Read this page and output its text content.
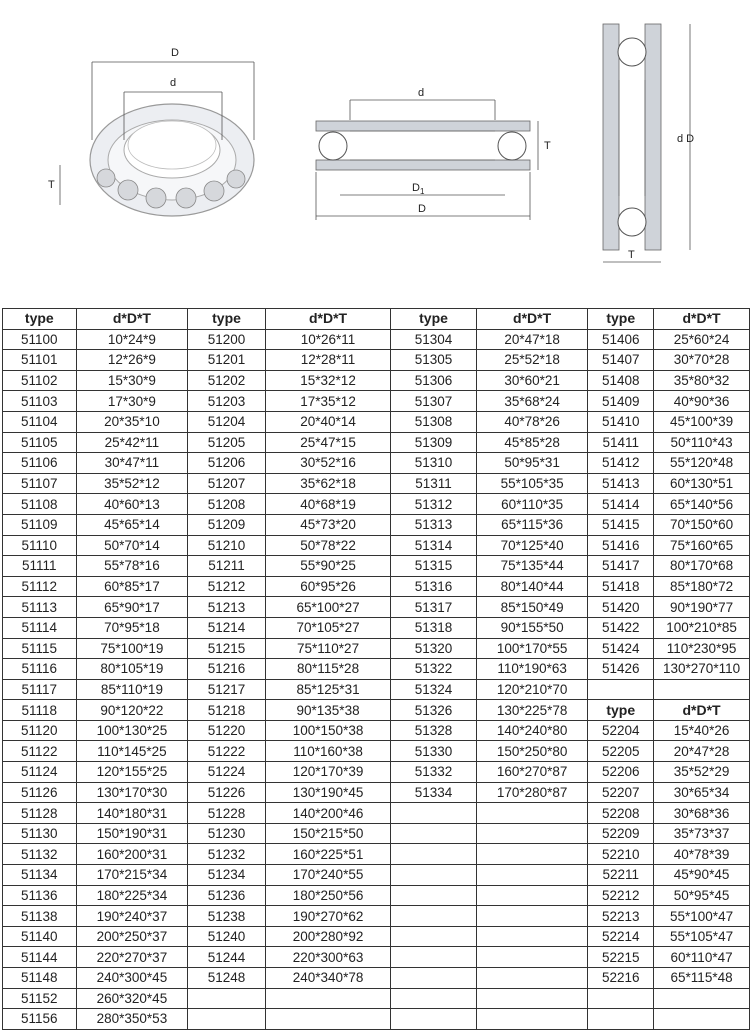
D
d
T
d
T
D 1
D
d D
T
type	d*D*T	type	d*D*T	type	d*D*T	type	d*D*T
51100	10*24*9	51200	10*26*11	51304	20*47*18	51406	25*60*24
51101	12*26*9	51201	12*28*11	51305	25*52*18	51407	30*70*28
51102	15*30*9	51202	15*32*12	51306	30*60*21	51408	35*80*32
51103	17*30*9	51203	17*35*12	51307	35*68*24	51409	40*90*36
51104	20*35*10	51204	20*40*14	51308	40*78*26	51410	45*100*39
51105	25*42*11	51205	25*47*15	51309	45*85*28	51411	50*110*43
51106	30*47*11	51206	30*52*16	51310	50*95*31	51412	55*120*48
51107	35*52*12	51207	35*62*18	51311	55*105*35	51413	60*130*51
51108	40*60*13	51208	40*68*19	51312	60*110*35	51414	65*140*56
51109	45*65*14	51209	45*73*20	51313	65*115*36	51415	70*150*60
51110	50*70*14	51210	50*78*22	51314	70*125*40	51416	75*160*65
51111	55*78*16	51211	55*90*25	51315	75*135*44	51417	80*170*68
51112	60*85*17	51212	60*95*26	51316	80*140*44	51418	85*180*72
51113	65*90*17	51213	65*100*27	51317	85*150*49	51420	90*190*77
51114	70*95*18	51214	70*105*27	51318	90*155*50	51422	100*210*85
51115	75*100*19	51215	75*110*27	51320	100*170*55	51424	110*230*95
51116	80*105*19	51216	80*115*28	51322	110*190*63	51426	130*270*110
51117	85*110*19	51217	85*125*31	51324	120*210*70		
51118	90*120*22	51218	90*135*38	51326	130*225*78	type	d*D*T
51120	100*130*25	51220	100*150*38	51328	140*240*80	52204	15*40*26
51122	110*145*25	51222	110*160*38	51330	150*250*80	52205	20*47*28
51124	120*155*25	51224	120*170*39	51332	160*270*87	52206	35*52*29
51126	130*170*30	51226	130*190*45	51334	170*280*87	52207	30*65*34
51128	140*180*31	51228	140*200*46			52208	30*68*36
51130	150*190*31	51230	150*215*50			52209	35*73*37
51132	160*200*31	51232	160*225*51			52210	40*78*39
51134	170*215*34	51234	170*240*55			52211	45*90*45
51136	180*225*34	51236	180*250*56			52212	50*95*45
51138	190*240*37	51238	190*270*62			52213	55*100*47
51140	200*250*37	51240	200*280*92			52214	55*105*47
51144	220*270*37	51244	220*300*63			52215	60*110*47
51148	240*300*45	51248	240*340*78			52216	65*115*48
51152	260*320*45						
51156	280*350*53						
